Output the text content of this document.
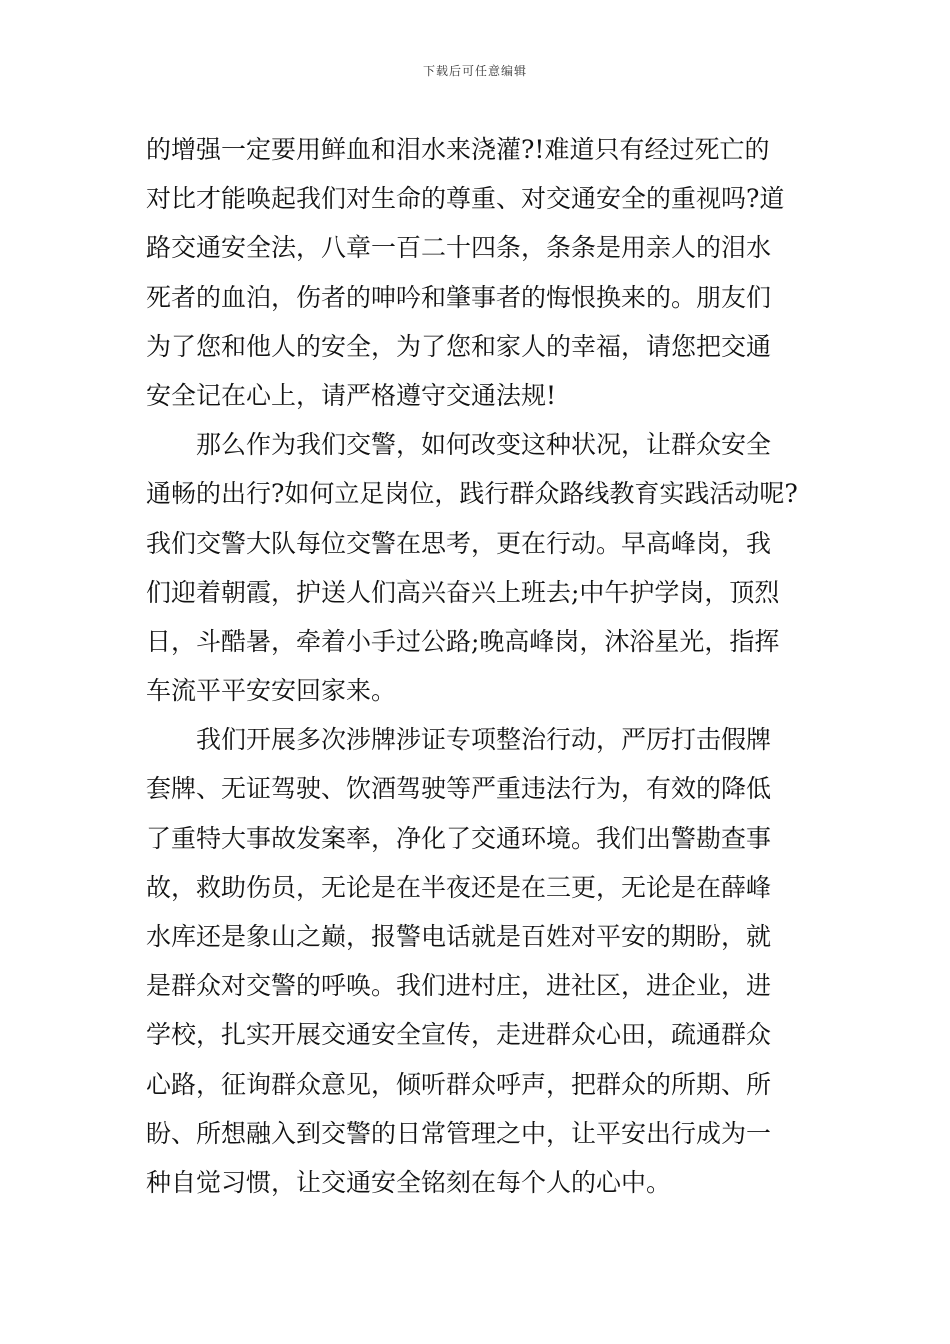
下载后可任意编辑
的增强一定要用鲜血和泪水来浇灌?!难道只有经过死亡的
对比才能唤起我们对生命的尊重、对交通安全的重视吗?道
路交通安全法，八章一百二十四条，条条是用亲人的泪水
死者的血泊，伤者的呻吟和肇事者的悔恨换来的。朋友们
为了您和他人的安全，为了您和家人的幸福，请您把交通
安全记在心上，请严格遵守交通法规!
那么作为我们交警，如何改变这种状况，让群众安全
通畅的出行?如何立足岗位，践行群众路线教育实践活动呢?
我们交警大队每位交警在思考，更在行动。早高峰岗，我
们迎着朝霞，护送人们高兴奋兴上班去;中午护学岗，顶烈
日，斗酷暑，牵着小手过公路;晚高峰岗，沐浴星光，指挥
车流平平安安回家来。
我们开展多次涉牌涉证专项整治行动，严厉打击假牌
套牌、无证驾驶、饮酒驾驶等严重违法行为，有效的降低
了重特大事故发案率，净化了交通环境。我们出警勘查事
故，救助伤员，无论是在半夜还是在三更，无论是在薛峰
水库还是象山之巅，报警电话就是百姓对平安的期盼，就
是群众对交警的呼唤。我们进村庄，进社区，进企业，进
学校，扎实开展交通安全宣传，走进群众心田，疏通群众
心路，征询群众意见，倾听群众呼声，把群众的所期、所
盼、所想融入到交警的日常管理之中，让平安出行成为一
种自觉习惯，让交通安全铭刻在每个人的心中。
